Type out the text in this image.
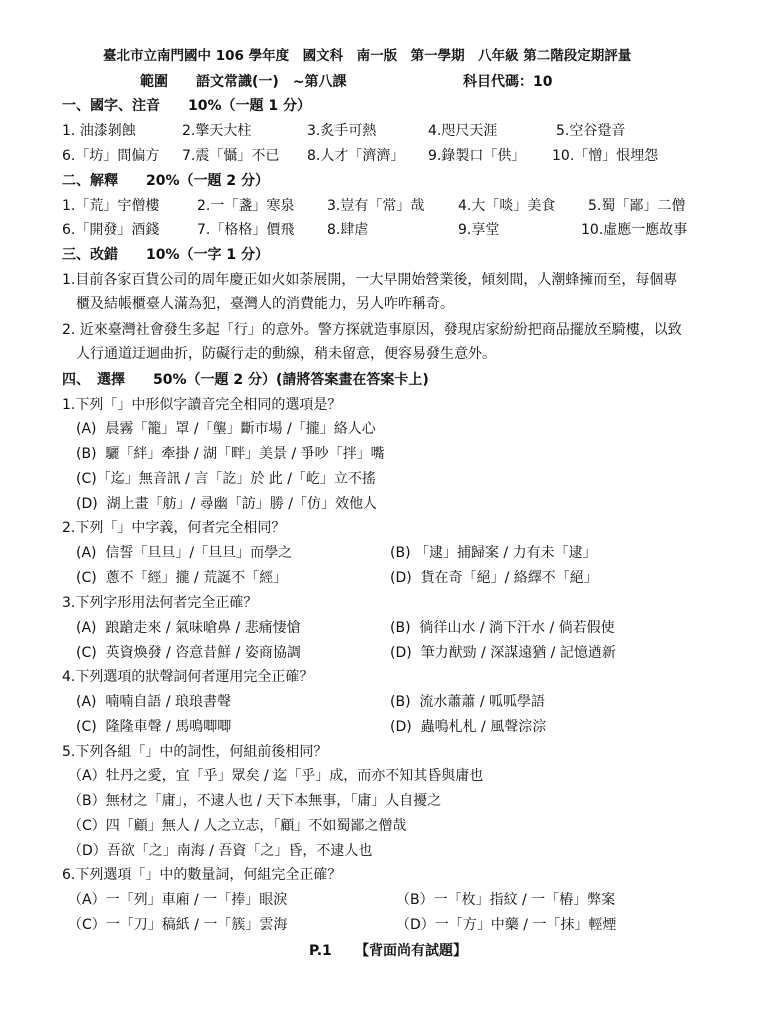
臺北市立南門國中 106 學年度　國文科　南一版　第一學期　八年級 第二階段定期評量
範圍　　語文常識(一)　~第八課	科目代碼：10
一、國字、注音　　10%（一題 1 分）
1. 油漆剝蝕	2.擎天大柱	3.炙手可熱	4.咫尺天涯	5.空谷跫音
6.「坊」間偏方 7.震「懾」不已 8.人才「濟濟」 9.錄製口「供」 10.「憎」恨埋怨
二、解釋　　20%（一題 2 分）
1.「荒」宇僧樓	2.一「盞」寒泉 3.豈有「常」哉 4.大「啖」美食 5.蜀「鄙」二僧
6.「開發」酒錢	7.「格格」價飛 8.肆虐	9.享堂	10.虛應一應故事
三、改錯　　10%（一字 1 分）
1.目前各家百貨公司的周年慶正如火如荼展開，一大早開始營業後，傾刻間，人潮蜂擁而至，每個專
櫃及結帳櫃臺人滿為犯，臺灣人的消費能力，另人咋咋稱奇。
2. 近來臺灣社會發生多起「行」的意外。警方探就造事原因，發現店家紛紛把商品擺放至騎樓，以致
人行通道迂迴曲折，防礙行走的動線，稍未留意，便容易發生意外。
四、　選擇　　50%（一題 2 分）(請將答案畫在答案卡上)
1.下列「」中形似字讀音完全相同的選項是？
(A)  晨霧「籠」罩 /「壟」斷市場 /「攏」絡人心
(B)  驪「絆」牽掛 / 湖「畔」美景 / 爭吵「拌」嘴
(C)「迄」無音訊 / 言「訖」於 此 /「屹」立不搖
(D)  湖上畫「舫」/ 尋幽「訪」勝 /「仿」效他人
2.下列「」中字義，何者完全相同？
(A)  信誓「旦旦」/「旦旦」而學之	(B) 「逮」捕歸案 / 力有未「逮」
(C)  蔥不「經」攏 / 荒誕不「經」	(D)  貨在奇「絕」/ 絡繹不「絕」
3.下列字形用法何者完全正確？
(A)  踉蹌走來 / 氣味嗆鼻 / 悲痛悽愴	(B)  徜徉山水 / 淌下汗水 / 倘若假使
(C)  英資煥發 / 咨意昔鮮 / 姿商協調	(D)  筆力猷勁 / 深謀遠猶 / 記憶遒新
4.下列選項的狀聲詞何者運用完全正確？
(A)  喃喃自語 / 琅琅書聲	(B)  流水蕭蕭 / 呱呱學語
(C)  隆隆車聲 / 馬鳴唧唧	(D)  蟲鳴札札 / 風聲淙淙
5.下列各組「」中的詞性，何組前後相同？
（A）牡丹之愛，宜「乎」眾矣 / 迄「乎」成，而亦不知其昏與庸也
（B）無材之「庸」，不逮人也 / 天下本無事，「庸」人自擾之
（C）四「顧」無人 / 人之立志，「顧」不如蜀鄙之僧哉
（D）吾欲「之」南海 / 吾資「之」昏，不逮人也
6.下列選項「」中的數量詞，何組完全正確？
（A）一「列」車廂 / 一「捧」眼淚	（B）一「枚」指紋 / 一「樁」弊案
（C）一「刀」稿紙 / 一「簇」雲海	（D）一「方」中藥 / 一「抹」輕煙
P.1 【背面尚有試題】
